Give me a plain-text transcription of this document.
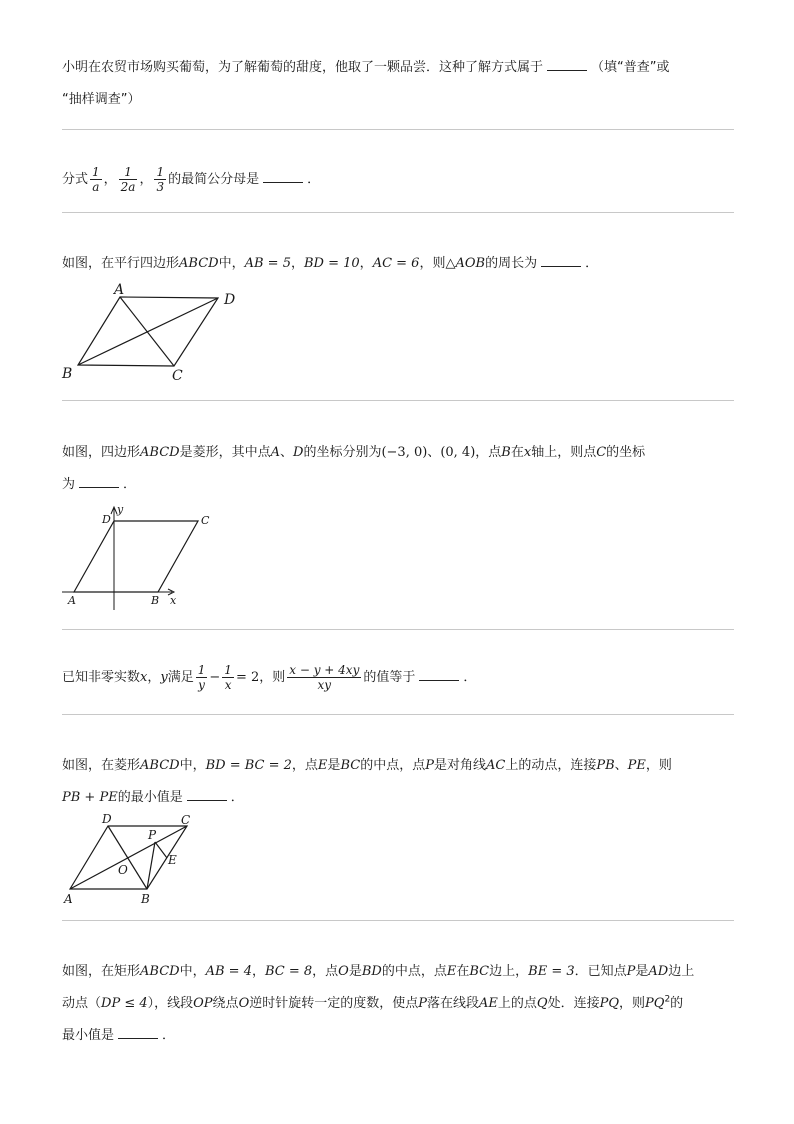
小明在农贸市场购买葡萄，为了解葡萄的甜度，他取了一颗品尝．这种了解方式属于	（填“普查”或
“抽样调查”）
分式 $\frac{1}{a}$ ， $\frac{1}{2a}$ ， $\frac{1}{3}$ 的最简公分母是	．
如图，在平行四边形ABCD中，AB = 5，BD = 10，AC = 6，则△AOB的周长为	．
A
D
B	C
如图，四边形ABCD是菱形，其中点A、D的坐标分别为(−3, 0)、(0, 4)，点B在x轴上，则点C的坐标
为	．
y
D	C
A	B x
已知非零实数x，y满足 $\frac{1}{y} - \frac{1}{x} = 2$，则 $\frac{x - y + 4xy}{xy}$ 的值等于	．
如图，在菱形ABCD中，BD = BC = 2，点E是BC的中点，点P是对角线AC上的动点，连接PB、PE，则
PB + PE的最小值是	．
D	C
P
E
O
A	B
如图，在矩形ABCD中，AB = 4，BC = 8，点O是BD的中点，点E在BC边上，BE = 3．已知点P是AD边上
动点（DP ≤ 4），线段OP绕点O逆时针旋转一定的度数，使点P落在线段AE上的点Q处．连接PQ，则$PQ^2$的
最小值是	．
